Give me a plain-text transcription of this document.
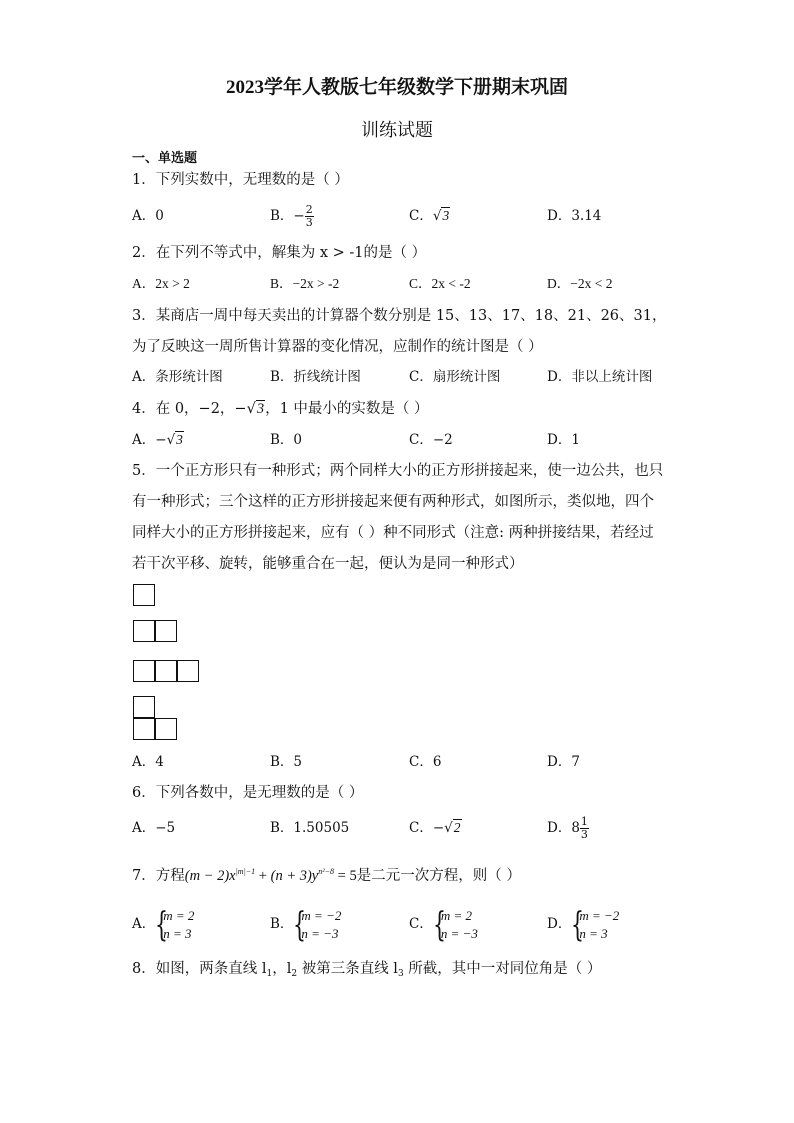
2023学年人教版七年级数学下册期末巩固
训练试题
一、单选题
1．下列实数中，无理数的是（ ）
A．0	B．− $\frac{2}{3}$	C．√3	D．3.14
2．在下列不等式中，解集为 x > -1的是（ ）
A．2x > 2	B．−2x > -2	C．2x < -2	D．−2x < 2
3．某商店一周中每天卖出的计算器个数分别是 15、13、17、18、21、26、31，为了反映这一周所售计算器的变化情况，应制作的统计图是（ ）
A．条形统计图	B．折线统计图	C．扇形统计图	D．非以上统计图
4．在 0，−2，−√3，1 中最小的实数是（ ）
A．−√3	B．0	C．−2	D．1
5．一个正方形只有一种形式；两个同样大小的正方形拼接起来，使一边公共，也只有一种形式；三个这样的正方形拼接起来便有两种形式，如图所示，类似地，四个同样大小的正方形拼接起来，应有（ ）种不同形式（注意: 两种拼接结果，若经过若干次平移、旋转，能够重合在一起，便认为是同一种形式）
A．4	B．5	C．6	D．7
6．下列各数中，是无理数的是（ ）
A．−5	B．1.50505	C．−√2	D．$8 \frac{1}{3}$
7．方程$(m - 2)x^{|m|-1} + (n + 3)y^{n^2-8} = 5$是二元一次方程，则（ ）
A． {
m = 2
n = 3
B． {
m = −2
n = −3
C． {
m = 2
n = −3
D． {
m = −2
n = 3
8．如图，两条直线 $l_1$，$l_2$ 被第三条直线 $l_3$ 所截，其中一对同位角是（ ）
